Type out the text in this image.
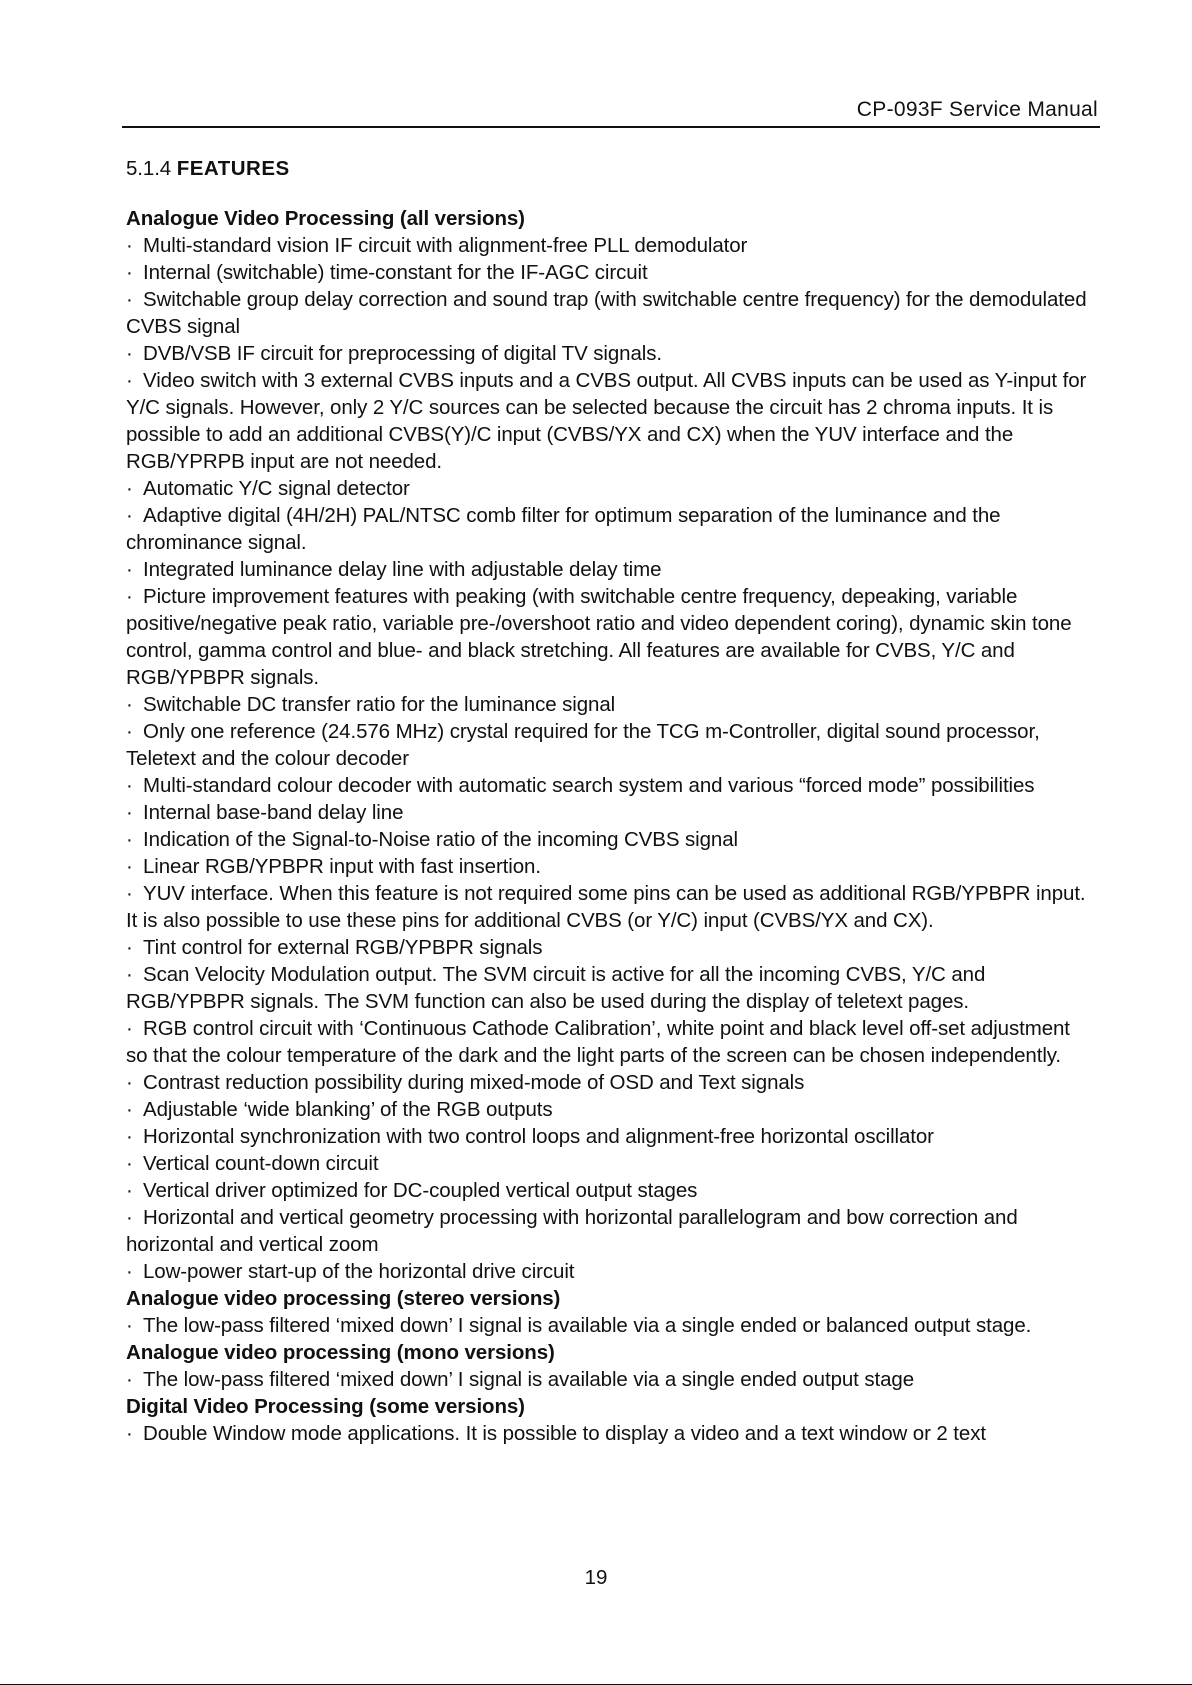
CP-093F Service Manual

5.1.4 FEATURES

Analogue Video Processing (all versions)

· Multi-standard vision IF circuit with alignment-free PLL demodulator

· Internal (switchable) time-constant for the IF-AGC circuit

· Switchable group delay correction and sound trap (with switchable centre frequency) for the demodulated CVBS signal

· DVB/VSB IF circuit for preprocessing of digital TV signals.

· Video switch with 3 external CVBS inputs and a CVBS output. All CVBS inputs can be used as Y-input for Y/C signals. However, only 2 Y/C sources can be selected because the circuit has 2 chroma inputs. It is possible to add an additional CVBS(Y)/C input (CVBS/YX and CX) when the YUV interface and the RGB/YPRPB input are not needed.

· Automatic Y/C signal detector

· Adaptive digital (4H/2H) PAL/NTSC comb filter for optimum separation of the luminance and the chrominance signal.

· Integrated luminance delay line with adjustable delay time

· Picture improvement features with peaking (with switchable centre frequency, depeaking, variable positive/negative peak ratio, variable pre-/overshoot ratio and video dependent coring), dynamic skin tone control, gamma control and blue- and black stretching. All features are available for CVBS, Y/C and RGB/YPBPR signals.

· Switchable DC transfer ratio for the luminance signal

· Only one reference (24.576 MHz) crystal required for the TCG m-Controller, digital sound processor, Teletext and the colour decoder

· Multi-standard colour decoder with automatic search system and various “forced mode” possibilities

· Internal base-band delay line

· Indication of the Signal-to-Noise ratio of the incoming CVBS signal

· Linear RGB/YPBPR input with fast insertion.

· YUV interface. When this feature is not required some pins can be used as additional RGB/YPBPR input. It is also possible to use these pins for additional CVBS (or Y/C) input (CVBS/YX and CX).

· Tint control for external RGB/YPBPR signals

· Scan Velocity Modulation output. The SVM circuit is active for all the incoming CVBS, Y/C and RGB/YPBPR signals. The SVM function can also be used during the display of teletext pages.

· RGB control circuit with ‘Continuous Cathode Calibration’, white point and black level off-set adjustment so that the colour temperature of the dark and the light parts of the screen can be chosen independently.

· Contrast reduction possibility during mixed-mode of OSD and Text signals

· Adjustable ‘wide blanking’ of the RGB outputs

· Horizontal synchronization with two control loops and alignment-free horizontal oscillator

· Vertical count-down circuit

· Vertical driver optimized for DC-coupled vertical output stages

· Horizontal and vertical geometry processing with horizontal parallelogram and bow correction and horizontal and vertical zoom

· Low-power start-up of the horizontal drive circuit

Analogue video processing (stereo versions)

· The low-pass filtered ‘mixed down’ I signal is available via a single ended or balanced output stage.

Analogue video processing (mono versions)

· The low-pass filtered ‘mixed down’ I signal is available via a single ended output stage

Digital Video Processing (some versions)

· Double Window mode applications. It is possible to display a video and a text window or 2 text

19
